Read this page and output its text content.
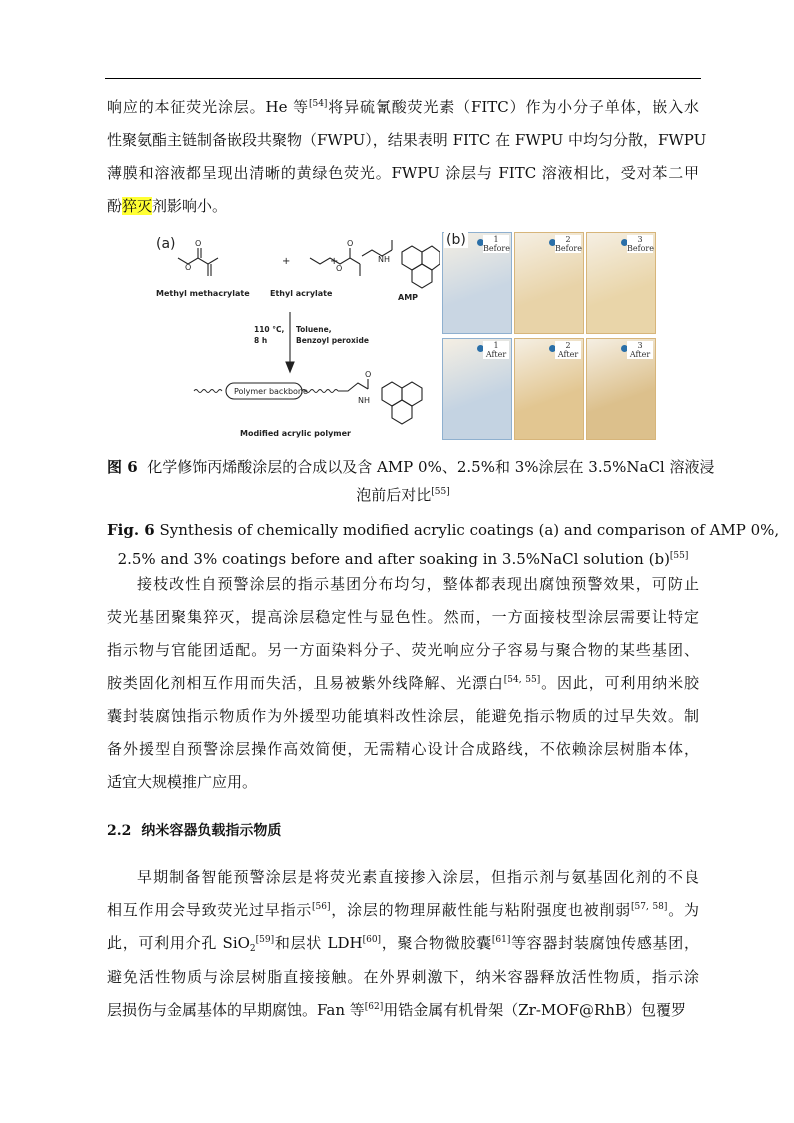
响应的本征荧光涂层。He 等[54]将异硫氰酸荧光素（FITC）作为小分子单体，嵌入水
性聚氨酯主链制备嵌段共聚物（FWPU），结果表明 FITC 在 FWPU 中均匀分散，FWPU
薄膜和溶液都呈现出清晰的黄绿色荧光。FWPU 涂层与 FITC 溶液相比，受对苯二甲
酚猝灭剂影响小。
(a) O
O
+
O
O
+	NH
Methyl methacrylate	Ethyl acrylate	AMP
110 °C,
8 h
Toluene,
Benzoyl peroxide
Polymer backbone
O
NH
Modified acrylic polymer
(b)	1
Before
2
Before
3
Before
1
After
2
After
3
After
图 6 化学修饰丙烯酸涂层的合成以及含 AMP 0%、2.5%和 3%涂层在 3.5%NaCl 溶液浸
泡前后对比[55]
Fig. 6 Synthesis of chemically modified acrylic coatings (a) and comparison of AMP 0%,
2.5% and 3% coatings before and after soaking in 3.5%NaCl solution (b)[55]
接枝改性自预警涂层的指示基团分布均匀，整体都表现出腐蚀预警效果，可防止
荧光基团聚集猝灭，提高涂层稳定性与显色性。然而，一方面接枝型涂层需要让特定
指示物与官能团适配。另一方面染料分子、荧光响应分子容易与聚合物的某些基团、
胺类固化剂相互作用而失活，且易被紫外线降解、光漂白[54, 55]。因此，可利用纳米胶
囊封装腐蚀指示物质作为外援型功能填料改性涂层，能避免指示物质的过早失效。制
备外援型自预警涂层操作高效简便，无需精心设计合成路线，不依赖涂层树脂本体，
适宜大规模推广应用。
2.2 纳米容器负载指示物质
早期制备智能预警涂层是将荧光素直接掺入涂层，但指示剂与氨基固化剂的不良
相互作用会导致荧光过早指示[56]，涂层的物理屏蔽性能与粘附强度也被削弱[57, 58]。为
此，可利用介孔 SiO$_2$[59]和层状 LDH[60]，聚合物微胶囊[61]等容器封装腐蚀传感基团，
避免活性物质与涂层树脂直接接触。在外界刺激下，纳米容器释放活性物质，指示涂
层损伤与金属基体的早期腐蚀。Fan 等[62]用锆金属有机骨架（Zr-MOF@RhB）包覆罗
